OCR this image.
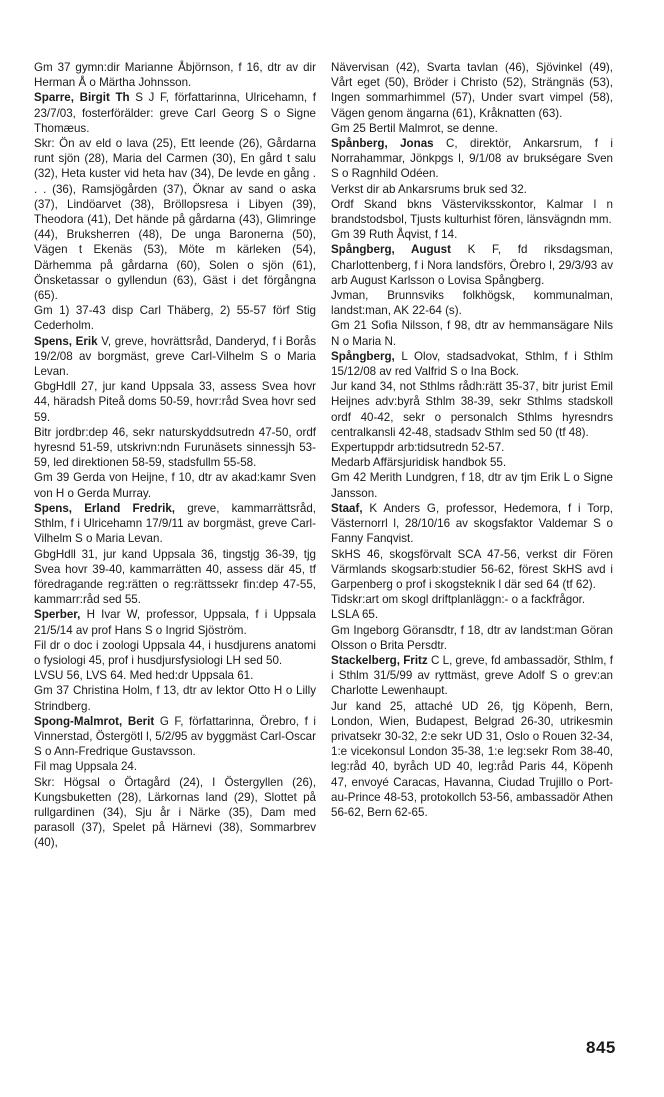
Gm 37 gymn:dir Marianne Åbjörnson, f 16, dtr av dir Herman Å o Märtha Johnsson.

Sparre, Birgit Th S J F, författarinna, Ulricehamn, f 23/7/03, fosterförälder: greve Carl Georg S o Signe Thomæus.

Skr: Ön av eld o lava (25), Ett leende (26), Gårdarna runt sjön (28), Maria del Carmen (30), En gård t salu (32), Heta kuster vid heta hav (34), De levde en gång . . . (36), Ramsjögården (37), Öknar av sand o aska (37), Lindöarvet (38), Bröllopsresa i Libyen (39), Theodora (41), Det hände på gårdarna (43), Glimringe (44), Bruksherren (48), De unga Baronerna (50), Vägen t Ekenäs (53), Möte m kärleken (54), Därhemma på gårdarna (60), Solen o sjön (61), Önsketassar o gyllendun (63), Gäst i det förgångna (65).

Gm 1) 37-43 disp Carl Thäberg, 2) 55-57 förf Stig Cederholm.

Spens, Erik V, greve, hovrättsråd, Danderyd, f i Borås 19/2/08 av borgmäst, greve Carl-Vilhelm S o Maria Levan.

GbgHdll 27, jur kand Uppsala 33, assess Svea hovr 44, häradsh Piteå doms 50-59, hovr:råd Svea hovr sed 59.

Bitr jordbr:dep 46, sekr naturskyddsutredn 47-50, ordf hyresnd 51-59, utskrivn:ndn Furunäsets sinnessjh 53-59, led direktionen 58-59, stadsfullm 55-58.

Gm 39 Gerda von Heijne, f 10, dtr av akad:kamr Sven von H o Gerda Murray.

Spens, Erland Fredrik, greve, kammarrättsråd, Sthlm, f i Ulricehamn 17/9/11 av borgmäst, greve Carl-Vilhelm S o Maria Levan.

GbgHdll 31, jur kand Uppsala 36, tingstjg 36-39, tjg Svea hovr 39-40, kammarrätten 40, assess där 45, tf föredragande reg:rätten o reg:rättssekr fin:dep 47-55, kammarr:råd sed 55.

Sperber, H Ivar W, professor, Uppsala, f i Uppsala 21/5/14 av prof Hans S o Ingrid Sjöström.

Fil dr o doc i zoologi Uppsala 44, i husdjurens anatomi o fysiologi 45, prof i husdjursfysiologi LH sed 50.

LVSU 56, LVS 64. Med hed:dr Uppsala 61.

Gm 37 Christina Holm, f 13, dtr av lektor Otto H o Lilly Strindberg.

Spong-Malmrot, Berit G F, författarinna, Örebro, f i Vinnerstad, Östergötl l, 5/2/95 av byggmäst Carl-Oscar S o Ann-Fredrique Gustavsson.

Fil mag Uppsala 24.

Skr: Högsal o Örtagård (24), I Östergyllen (26), Kungsbuketten (28), Lärkornas land (29), Slottet på rullgardinen (34), Sju år i Närke (35), Dam med parasoll (37), Spelet på Härnevi (38), Sommarbrev (40),

Nävervisan (42), Svarta tavlan (46), Sjövinkel (49), Vårt eget (50), Bröder i Christo (52), Strängnäs (53), Ingen sommarhimmel (57), Under svart vimpel (58), Vägen genom ängarna (61), Kråknatten (63).

Gm 25 Bertil Malmrot, se denne.

Spånberg, Jonas C, direktör, Ankarsrum, f i Norrahammar, Jönkpgs l, 9/1/08 av brukségare Sven S o Ragnhild Odéen.

Verkst dir ab Ankarsrums bruk sed 32.

Ordf Skand bkns Västerviksskontor, Kalmar l n brandstodsbol, Tjusts kulturhist fören, länsvägndn mm.

Gm 39 Ruth Åqvist, f 14.

Spångberg, August K F, fd riksdagsman, Charlottenberg, f i Nora landsförs, Örebro l, 29/3/93 av arb August Karlsson o Lovisa Spångberg.

Jvman, Brunnsviks folkhögsk, kommunalman, landst:man, AK 22-64 (s).

Gm 21 Sofia Nilsson, f 98, dtr av hemmansägare Nils N o Maria N.

Spångberg, L Olov, stadsadvokat, Sthlm, f i Sthlm 15/12/08 av red Valfrid S o Ina Bock.

Jur kand 34, not Sthlms rådh:rätt 35-37, bitr jurist Emil Heijnes adv:byrå Sthlm 38-39, sekr Sthlms stadskoll ordf 40-42, sekr o personalch Sthlms hyresndrs centralkansli 42-48, stadsadv Sthlm sed 50 (tf 48).

Expertuppdr arb:tidsutredn 52-57.

Medarb Affärsjuridisk handbok 55.

Gm 42 Merith Lundgren, f 18, dtr av tjm Erik L o Signe Jansson.

Staaf, K Anders G, professor, Hedemora, f i Torp, Västernorrl l, 28/10/16 av skogsfaktor Valdemar S o Fanny Fanqvist.

SkHS 46, skogsförvalt SCA 47-56, verkst dir Fören Värmlands skogsarb:studier 56-62, förest SkHS avd i Garpenberg o prof i skogsteknik l där sed 64 (tf 62).

Tidskr:art om skogl driftplanläggn:- o a fackfrågor.

LSLA 65.

Gm Ingeborg Göransdtr, f 18, dtr av landst:man Göran Olsson o Brita Persdtr.

Stackelberg, Fritz C L, greve, fd ambassadör, Sthlm, f i Sthlm 31/5/99 av ryttmäst, greve Adolf S o grev:an Charlotte Lewenhaupt.

Jur kand 25, attaché UD 26, tjg Köpenh, Bern, London, Wien, Budapest, Belgrad 26-30, utrikesmin privatsekr 30-32, 2:e sekr UD 31, Oslo o Rouen 32-34, 1:e vicekonsul London 35-38, 1:e leg:sekr Rom 38-40, leg:råd 40, byråch UD 40, leg:råd Paris 44, Köpenh 47, envoyé Caracas, Havanna, Ciudad Trujillo o Port-au-Prince 48-53, protokollch 53-56, ambassadör Athen 56-62, Bern 62-65.

845
